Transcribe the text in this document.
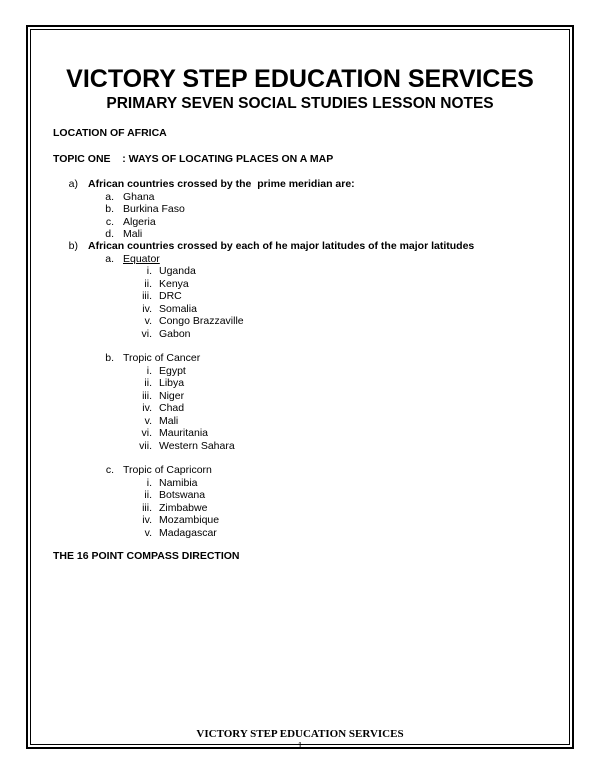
VICTORY STEP EDUCATION SERVICES
PRIMARY SEVEN SOCIAL STUDIES LESSON NOTES
LOCATION OF AFRICA
TOPIC ONE    : WAYS OF LOCATING PLACES ON A MAP
a) African countries crossed by the  prime meridian are:
a. Ghana
b. Burkina Faso
c. Algeria
d. Mali
b) African countries crossed by each of he major latitudes of the major latitudes
a. Equator
i. Uganda
ii. Kenya
iii. DRC
iv. Somalia
v. Congo Brazzaville
vi. Gabon
b. Tropic of Cancer
i. Egypt
ii. Libya
iii. Niger
iv. Chad
v. Mali
vi. Mauritania
vii. Western Sahara
c. Tropic of Capricorn
i. Namibia
ii. Botswana
iii. Zimbabwe
iv. Mozambique
v. Madagascar
THE 16 POINT COMPASS DIRECTION
VICTORY STEP EDUCATION SERVICES
1
